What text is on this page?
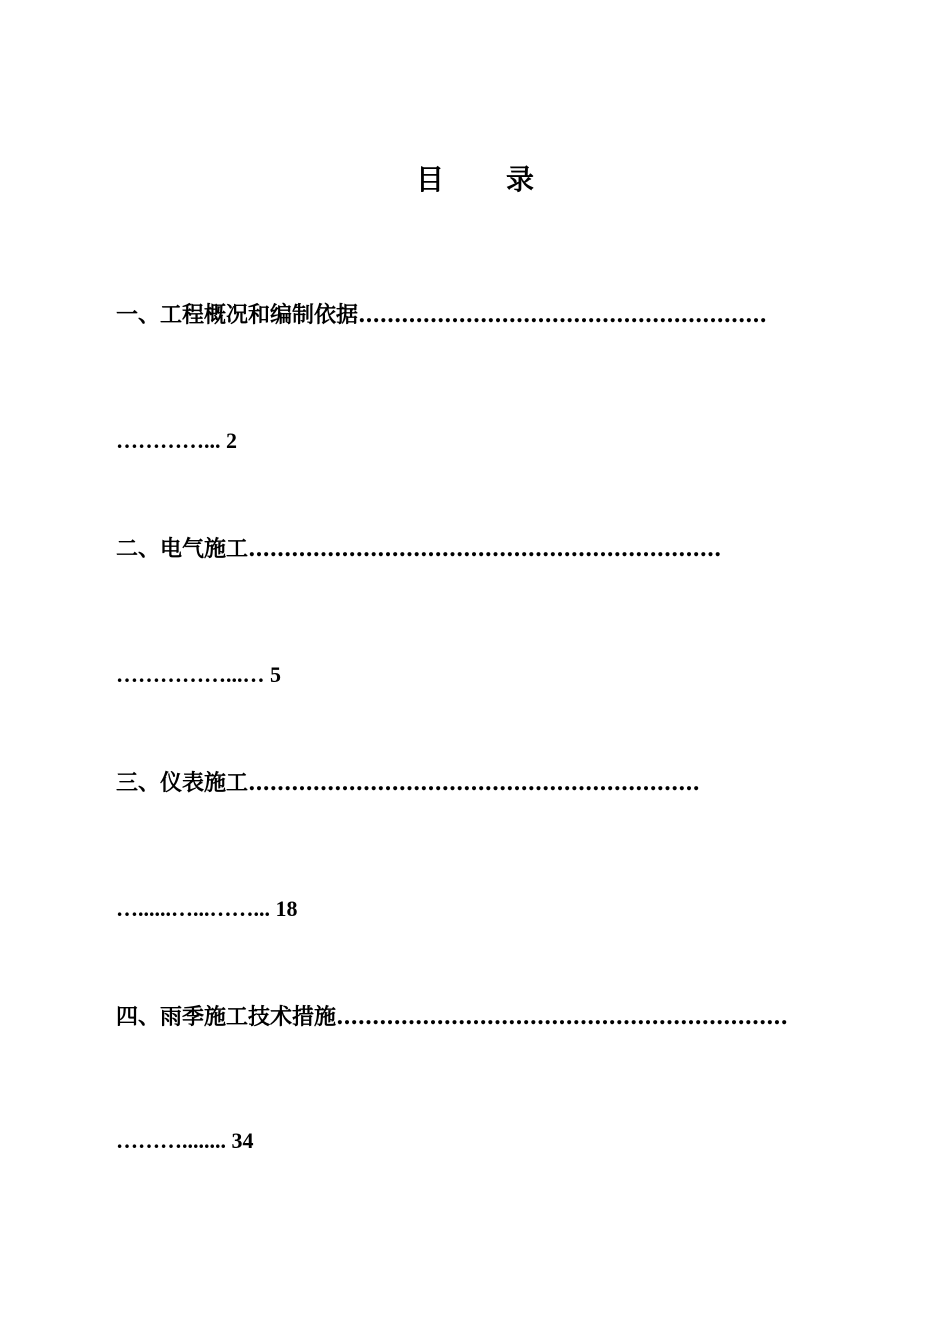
目 录
一、工程概况和编制依据…………………………………………………
…………... 2
二、电气施工…………………………………………………………
……………...… 5
三、仪表施工………………………………………………………
…......…...……... 18
四、雨季施工技术措施……………………………………………………...
………........ 34
